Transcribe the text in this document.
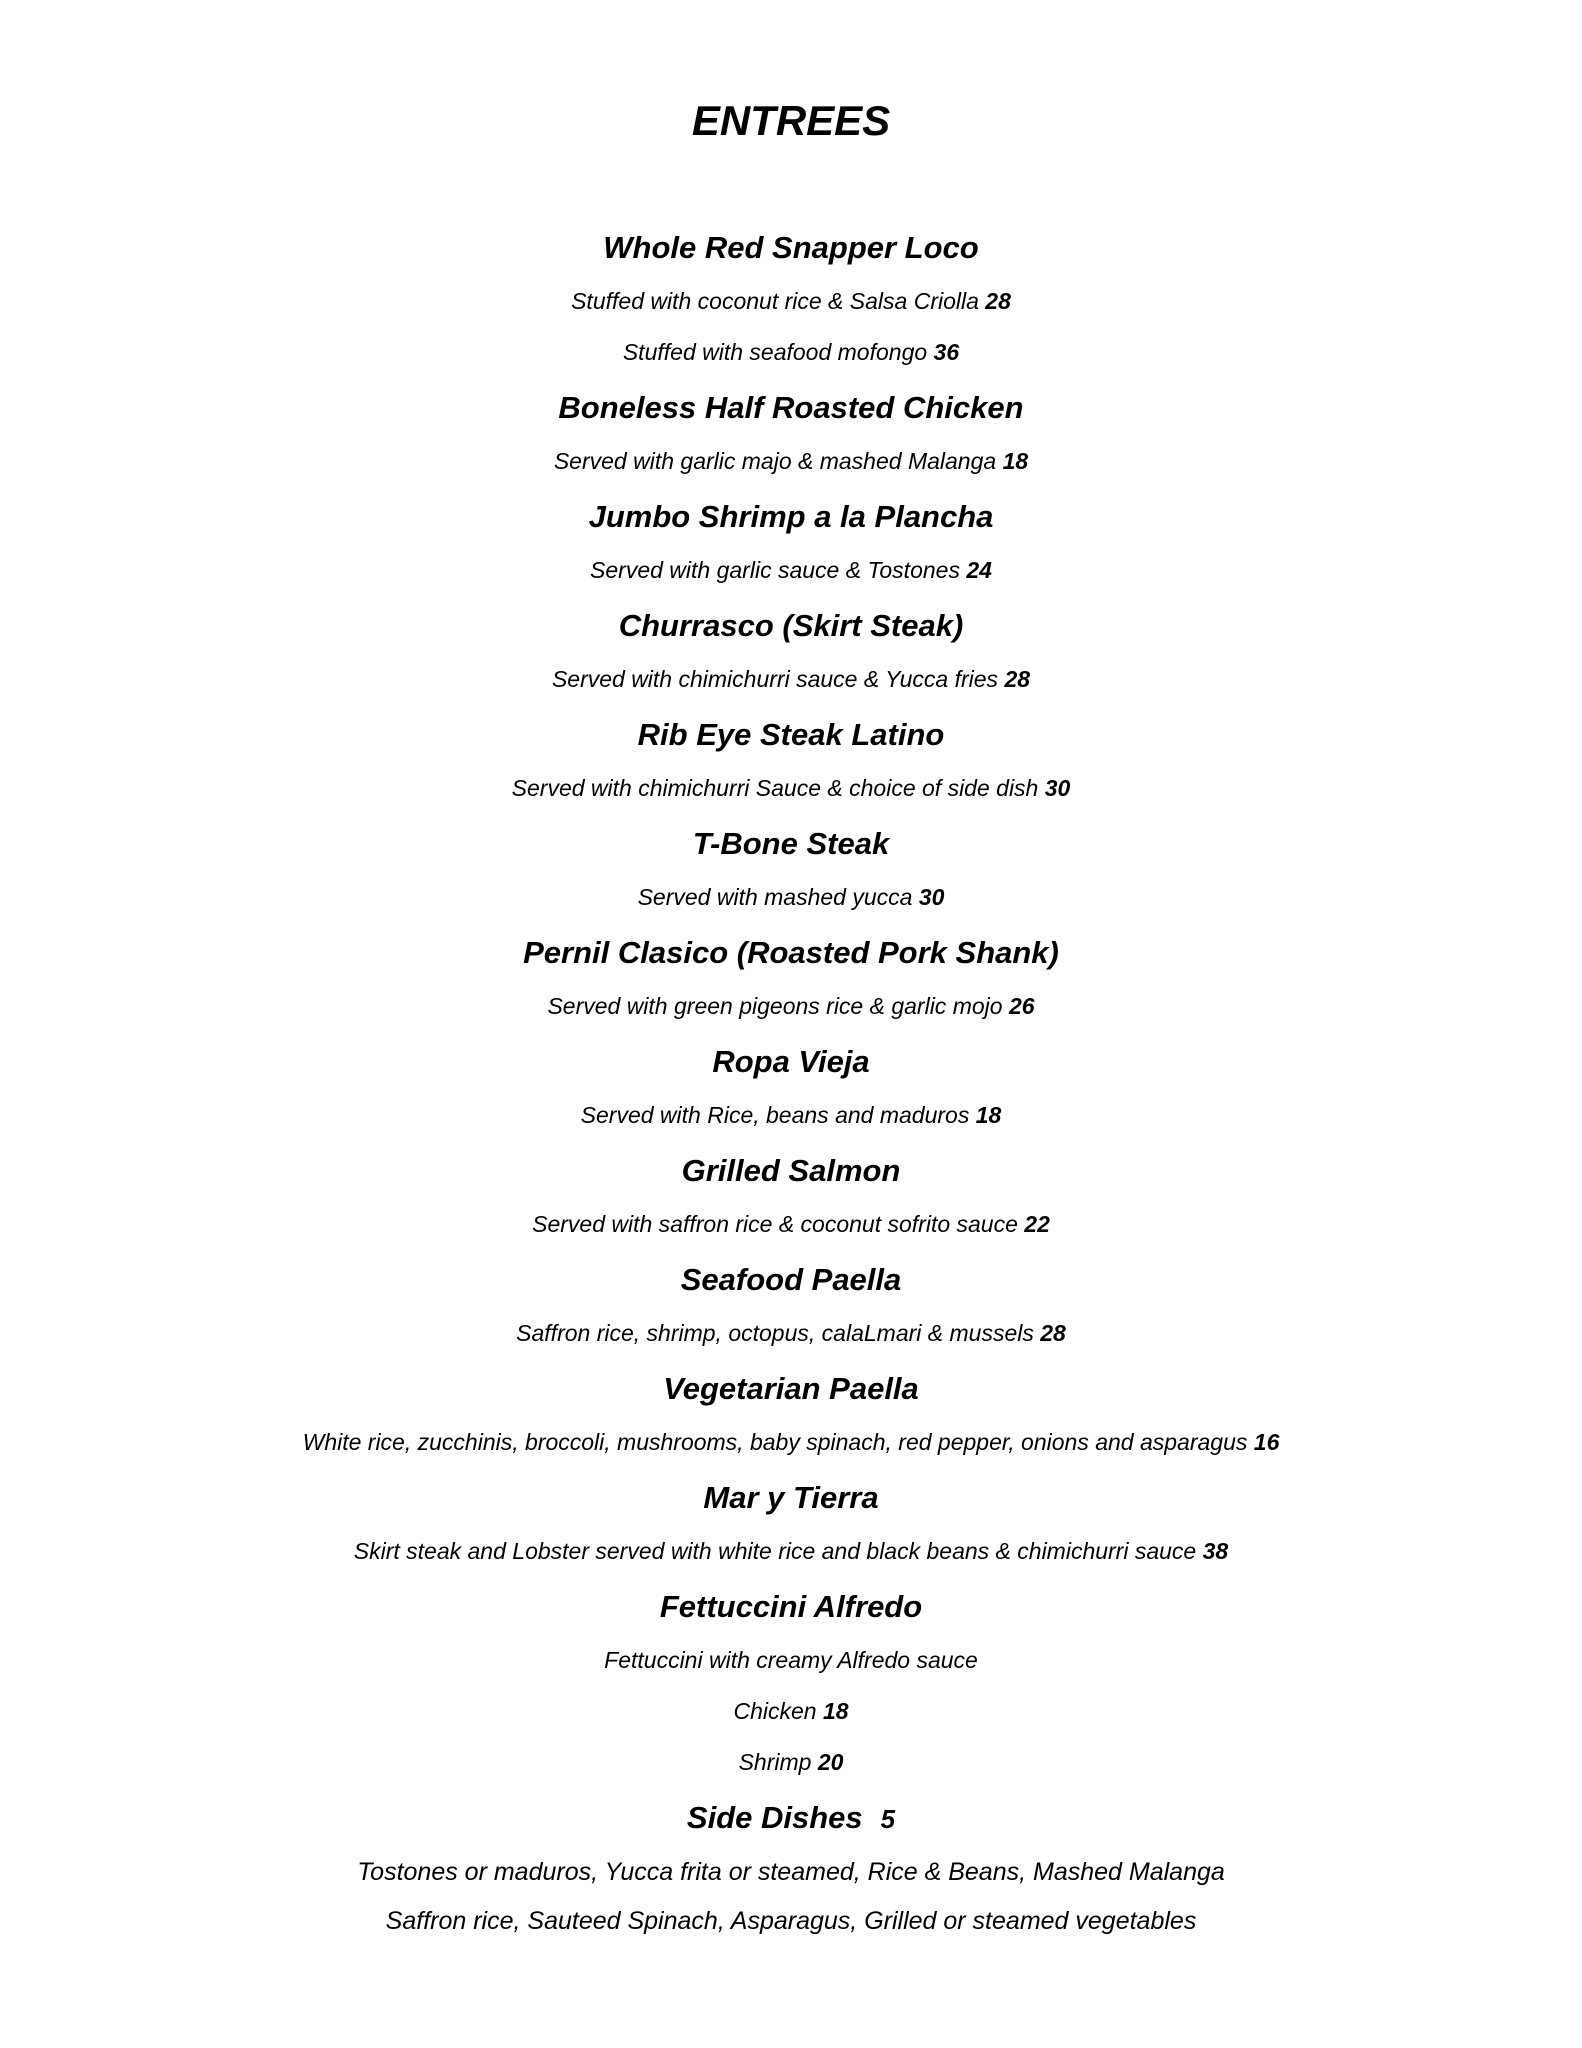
ENTREES
Whole Red Snapper Loco
Stuffed with coconut rice & Salsa Criolla 28
Stuffed with seafood mofongo 36
Boneless Half Roasted Chicken
Served with garlic majo & mashed Malanga 18
Jumbo Shrimp a la Plancha
Served with garlic sauce & Tostones 24
Churrasco (Skirt Steak)
Served with chimichurri sauce & Yucca fries 28
Rib Eye Steak Latino
Served with chimichurri Sauce & choice of side dish 30
T-Bone Steak
Served with mashed yucca 30
Pernil Clasico (Roasted Pork Shank)
Served with green pigeons rice & garlic mojo 26
Ropa Vieja
Served with Rice, beans and maduros 18
Grilled Salmon
Served with saffron rice & coconut sofrito sauce 22
Seafood Paella
Saffron rice, shrimp, octopus, calaLmari & mussels 28
Vegetarian Paella
White rice, zucchinis, broccoli, mushrooms, baby spinach, red pepper, onions and asparagus 16
Mar y Tierra
Skirt steak and Lobster served with white rice and black beans & chimichurri sauce 38
Fettuccini Alfredo
Fettuccini with creamy Alfredo sauce
Chicken 18
Shrimp 20
Side Dishes 5
Tostones or maduros, Yucca frita or steamed, Rice & Beans, Mashed Malanga
Saffron rice, Sauteed Spinach, Asparagus, Grilled or steamed vegetables
